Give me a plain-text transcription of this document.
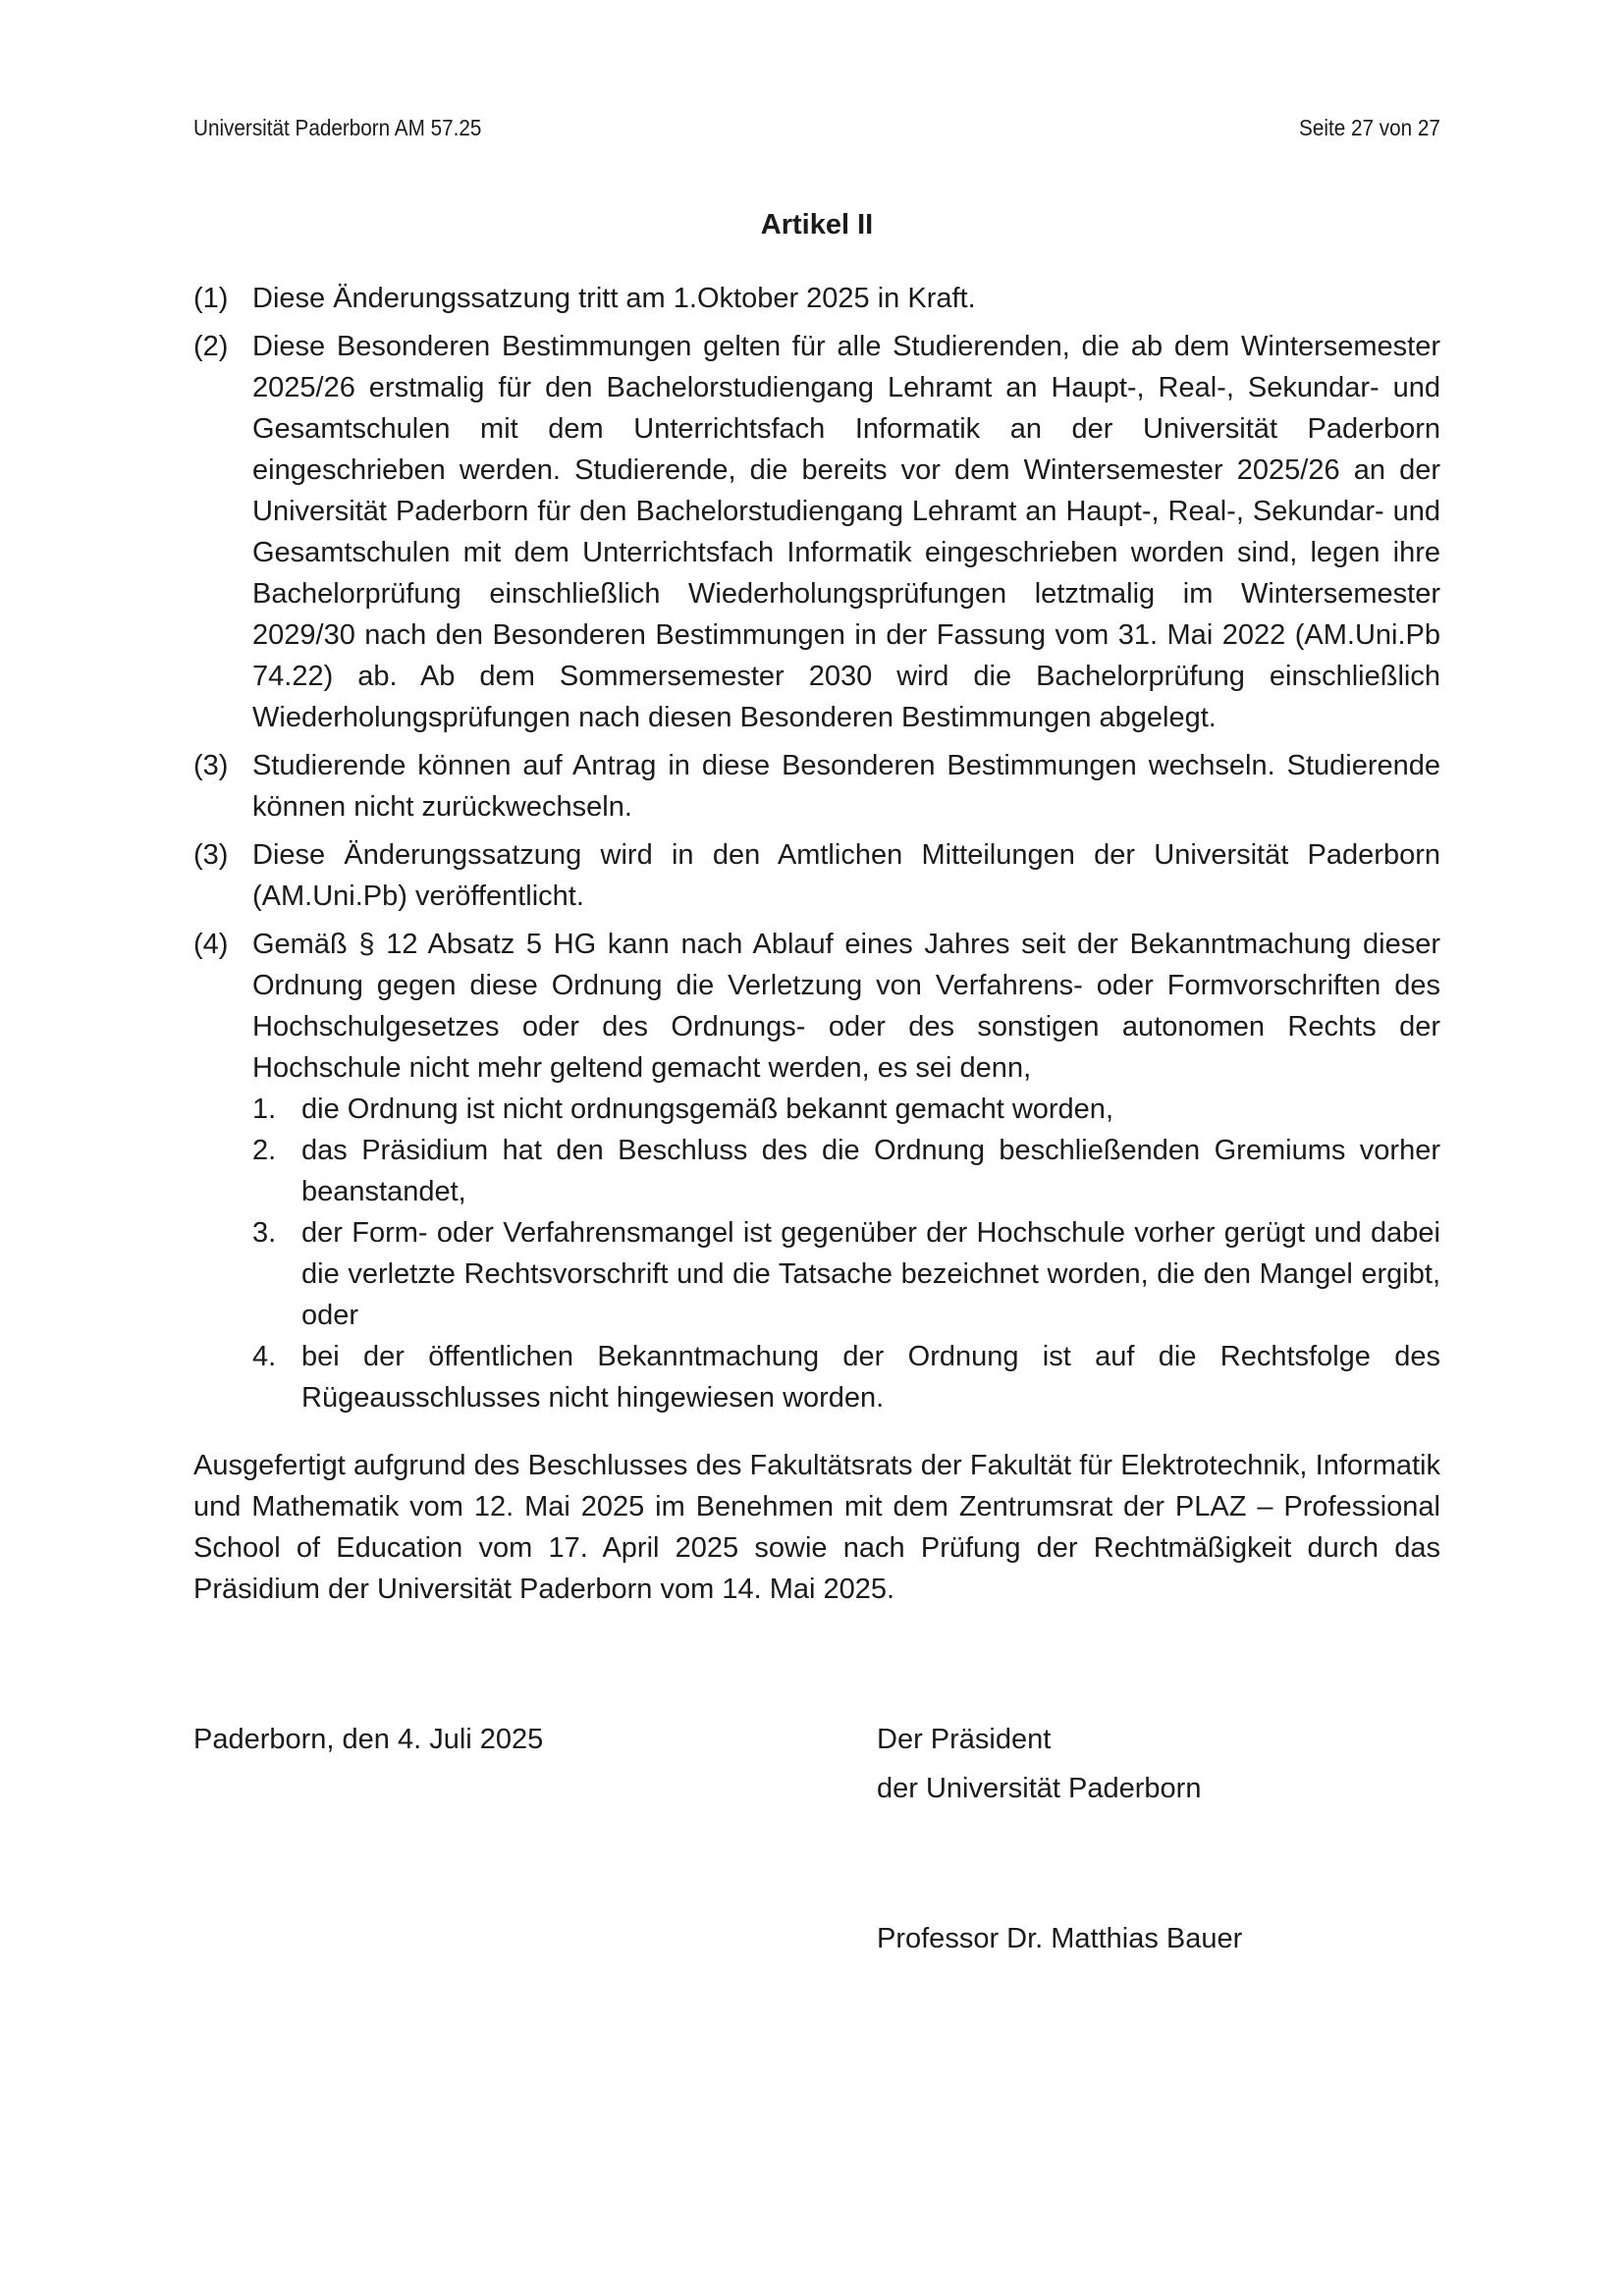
Universität Paderborn AM 57.25	Seite 27 von 27
Artikel II
(1) Diese Änderungssatzung tritt am 1.Oktober 2025 in Kraft.
(2) Diese Besonderen Bestimmungen gelten für alle Studierenden, die ab dem Wintersemester 2025/26 erstmalig für den Bachelorstudiengang Lehramt an Haupt-, Real-, Sekundar- und Gesamtschulen mit dem Unterrichtsfach Informatik an der Universität Paderborn eingeschrieben werden. Studierende, die bereits vor dem Wintersemester 2025/26 an der Universität Paderborn für den Bachelorstudiengang Lehramt an Haupt-, Real-, Sekundar- und Gesamtschulen mit dem Unterrichtsfach Informatik eingeschrieben worden sind, legen ihre Bachelorprüfung einschließlich Wiederholungsprüfungen letztmalig im Wintersemester 2029/30 nach den Besonderen Bestimmungen in der Fassung vom 31. Mai 2022 (AM.Uni.Pb 74.22) ab. Ab dem Sommersemester 2030 wird die Bachelorprüfung einschließlich Wiederholungsprüfungen nach diesen Besonderen Bestimmungen abgelegt.
(3) Studierende können auf Antrag in diese Besonderen Bestimmungen wechseln. Studierende können nicht zurückwechseln.
(3) Diese Änderungssatzung wird in den Amtlichen Mitteilungen der Universität Paderborn (AM.Uni.Pb) veröffentlicht.
(4) Gemäß § 12 Absatz 5 HG kann nach Ablauf eines Jahres seit der Bekanntmachung dieser Ordnung gegen diese Ordnung die Verletzung von Verfahrens- oder Formvorschriften des Hochschulgesetzes oder des Ordnungs- oder des sonstigen autonomen Rechts der Hochschule nicht mehr geltend gemacht werden, es sei denn,
1. die Ordnung ist nicht ordnungsgemäß bekannt gemacht worden,
2. das Präsidium hat den Beschluss des die Ordnung beschließenden Gremiums vorher beanstandet,
3. der Form- oder Verfahrensmangel ist gegenüber der Hochschule vorher gerügt und dabei die verletzte Rechtsvorschrift und die Tatsache bezeichnet worden, die den Mangel ergibt, oder
4. bei der öffentlichen Bekanntmachung der Ordnung ist auf die Rechtsfolge des Rügeausschlusses nicht hingewiesen worden.
Ausgefertigt aufgrund des Beschlusses des Fakultätsrats der Fakultät für Elektrotechnik, Informatik und Mathematik vom 12. Mai 2025 im Benehmen mit dem Zentrumsrat der PLAZ – Professional School of Education vom 17. April 2025 sowie nach Prüfung der Rechtmäßigkeit durch das Präsidium der Universität Paderborn vom 14. Mai 2025.
Paderborn, den 4. Juli 2025	Der Präsident
der Universität Paderborn
Professor Dr. Matthias Bauer
